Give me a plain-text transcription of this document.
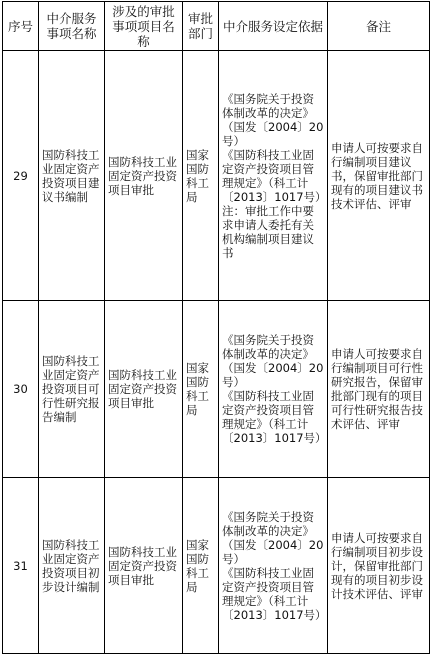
序号	中介服务事项名称	涉及的审批事项项目名称	审批部门	中介服务设定依据	备注
29	国防科技工业固定资产投资项目建议书编制	国防科技工业固定资产投资项目审批	国家国防科工局	《国务院关于投资体制改革的决定》（国发〔2004〕20号）
《国防科技工业固定资产投资项目管理规定》（科工计〔2013〕1017号）
注：审批工作中要求申请人委托有关机构编制项目建议书	申请人可按要求自行编制项目建议书，保留审批部门现有的项目建议书技术评估、评审
30	国防科技工业固定资产投资项目可行性研究报告编制	国防科技工业固定资产投资项目审批	国家国防科工局	《国务院关于投资体制改革的决定》（国发〔2004〕20号）
《国防科技工业固定资产投资项目管理规定》（科工计〔2013〕1017号）	申请人可按要求自行编制项目可行性研究报告，保留审批部门现有的项目可行性研究报告技术评估、评审
31	国防科技工业固定资产投资项目初步设计编制	国防科技工业固定资产投资项目审批	国家国防科工局	《国务院关于投资体制改革的决定》（国发〔2004〕20号）
《国防科技工业固定资产投资项目管理规定》（科工计〔2013〕1017号）	申请人可按要求自行编制项目初步设计，保留审批部门现有的项目初步设计技术评估、评审
